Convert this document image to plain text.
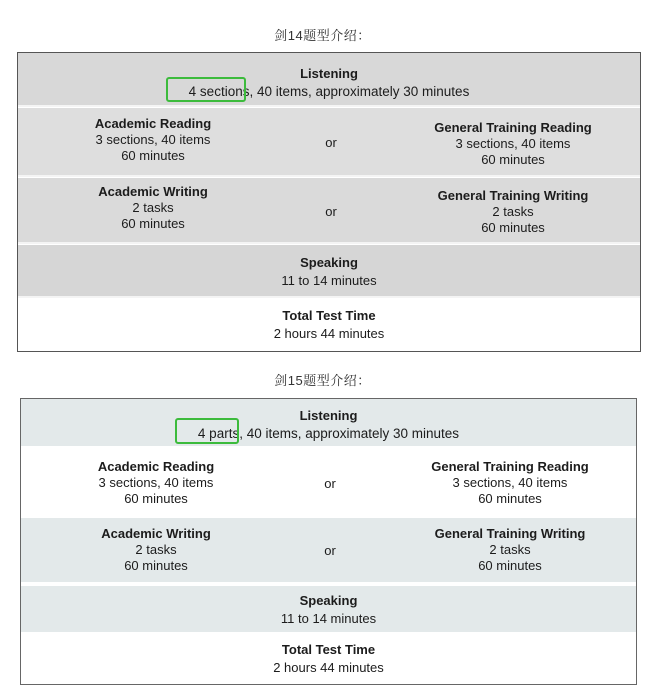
剑14题型介绍：
Listening
4 sections, 40 items, approximately 30 minutes
Academic Reading
3 sections, 40 items
60 minutes
or
General Training Reading
3 sections, 40 items
60 minutes
Academic Writing
2 tasks
60 minutes
or
General Training Writing
2 tasks
60 minutes
Speaking
11 to 14 minutes
Total Test Time
2 hours 44 minutes
剑15题型介绍：
Listening
4 parts, 40 items, approximately 30 minutes
Academic Reading
3 sections, 40 items
60 minutes
or
General Training Reading
3 sections, 40 items
60 minutes
Academic Writing
2 tasks
60 minutes
or
General Training Writing
2 tasks
60 minutes
Speaking
11 to 14 minutes
Total Test Time
2 hours 44 minutes
